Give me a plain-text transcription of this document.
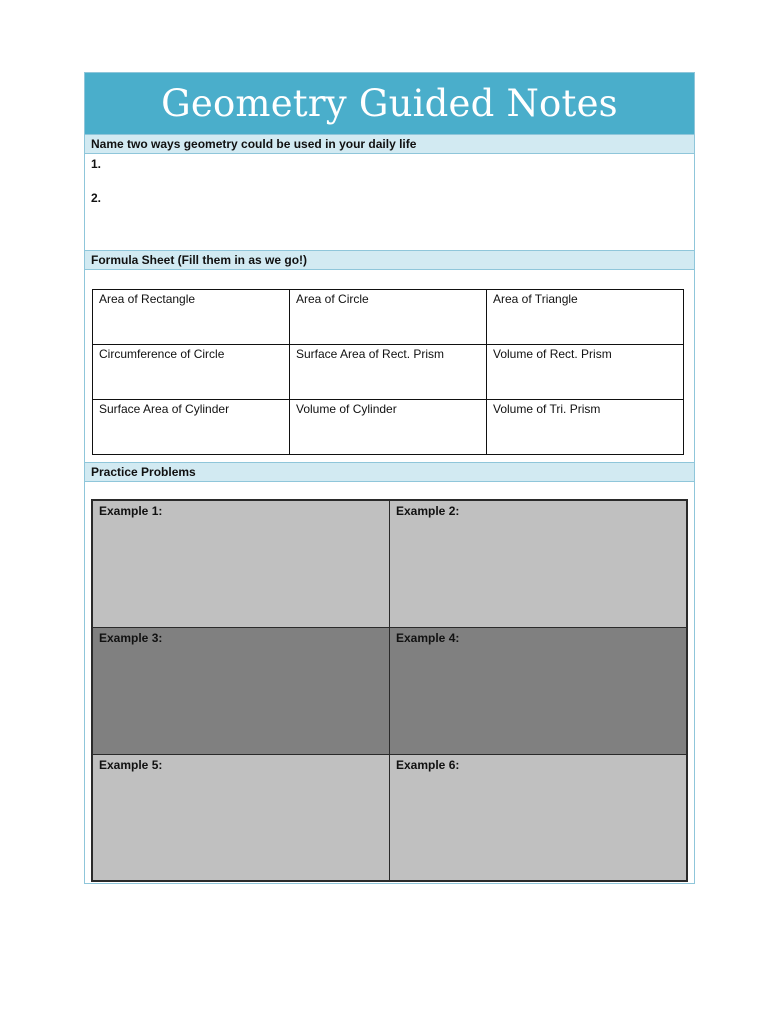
Geometry Guided Notes
Name two ways geometry could be used in your daily life
1.
2.
Formula Sheet (Fill them in as we go!)
Area of Rectangle	Area of Circle	Area of Triangle
Circumference of Circle	Surface Area of Rect. Prism	Volume of Rect. Prism
Surface Area of Cylinder	Volume of Cylinder	Volume of Tri. Prism
Practice Problems
Example 1:	Example 2:
Example 3:	Example 4:
Example 5:	Example 6:
